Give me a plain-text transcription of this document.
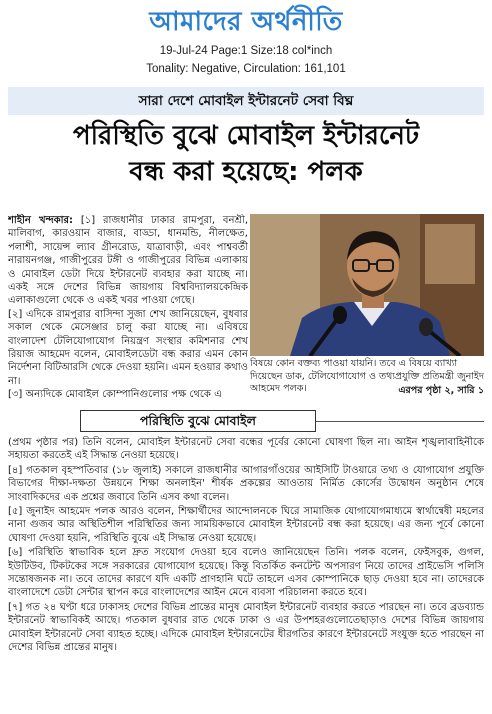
আমাদের অর্থনীতি
19-Jul-24 Page:1 Size:18 col*inch
Tonality: Negative, Circulation: 161,101
সারা দেশে মোবাইল ইন্টারনেট সেবা বিঘ্ন
পরিস্থিতি বুঝে মোবাইল ইন্টারনেট
বন্ধ করা হয়েছে: পলক

শাহীন খন্দকার: [১] রাজধানীর ঢাকার রামপুরা, বনশ্রী, মালিবাগ, কারওয়ান বাজার, বাড্ডা, ধানমন্ডি, নীলক্ষেত, পলাশী, সায়েন্স ল্যাব গ্রীনরোড, যাত্রাবাড়ী, এবং পাশ্ববর্তী নারায়নগঞ্জ, গাজীপুরের টঙ্গী ও গাজীপুরের বিভিন্ন এলাকায় ও মোবাইল ডেটা দিয়ে ইন্টারনেট ব্যবহার করা যাচ্ছে না। একই সঙ্গে দেশের বিভিন্ন জায়গায় বিশ্ববিদ্যালয়কেন্দ্রিক এলাকাগুলো থেকে ও একই খবর পাওয়া গেছে।

[২] এদিকে রামপুরার বাসিন্দা সুজা শেখ জানিয়েছেন, বুধবার সকাল থেকে মেসেঞ্জার চালু করা যাচ্ছে না। এবিষয়ে বাংলাদেশ টেলিযোগাযোগ নিয়ন্ত্রণ সংস্থার কমিশনার শেখ রিয়াজ আহমেদ বলেন, মোবাইলডেটা বন্ধ করার এমন কোন নির্দেশনা বিটিআরসি থেকে দেওয়া হয়নি। এমন হওয়ার কথাও না।

[৩] অন্যদিকে মোবাইল কোম্পানিগুলোর পক্ষ থেকে এ

বিষয়ে কোন বক্তব্য পাওয়া যায়নি। তবে এ বিষয়ে ব্যাখ্যা দিয়েছেন ডাক, টেলিযোগাযোগ ও তথ্যপ্রযুক্তি প্রতিমন্ত্রী জুনাইদ আহমেদ পলক।	এরপর পৃষ্ঠা ২, সারি ১
পরিস্থিতি বুঝে মোবাইল

(প্রথম পৃষ্ঠার পর) তিনি বলেন, মোবাইল ইন্টারনেট সেবা বন্ধের পূর্বের কোনো ঘোষণা ছিল না। আইন শৃঙ্খলাবাহিনীকে সহায়তা করতেই এই সিদ্ধান্ত নেওয়া হয়েছে।

[৪] গতকাল বৃহস্পতিবার (১৮ জুলাই) সকালে রাজধানীর আগারগাঁওয়ের আইসিটি টাওয়ারে তথ্য ও যোগাযোগ প্রযুক্তি বিভাগের দীক্ষা-দক্ষতা উন্নয়নে শিক্ষা অনলাইন' শীর্ষক প্রকল্পের আওতায় নির্মিত কোর্সের উদ্বোধন অনুষ্ঠান শেষে সাংবাদিকদের এক প্রশ্নের জবাবে তিনি এসব কথা বলেন।

[৫] জুনাইদ আহমেদ পলক আরও বলেন, শিক্ষার্থীদের আন্দোলনকে ঘিরে সামাজিক যোগাযোগমাধ্যমে স্বার্থান্বেষী মহলের নানা গুজব আর অস্থিতিশীল পরিস্থিতির জন্য সাময়িকভাবে মোবাইল ইন্টারনেট বন্ধ করা হয়েছে। এর জন্য পূর্বে কোনো ঘোষণা দেওয়া হয়নি, পরিস্থিতি বুঝে এই সিদ্ধান্ত নেওয়া হয়েছে।

[৬] পরিস্থিতি স্বাভাবিক হলে দ্রুত সংযোগ দেওয়া হবে বলেও জানিয়েছেন তিনি। পলক বলেন, ফেইসবুক, গুগল, ইউটিউব, টিকটকের সঙ্গে সরকারের যোগাযোগ হয়েছে। কিন্তু বিতর্কিত কনটেন্ট অপসারণ নিয়ে তাদের প্রাইভেসি পলিসি সন্তোষজনক না। তবে তাদের কারণে যদি একটি প্রাণহানি ঘটে তাহলে এসব কোম্পানিকে ছাড় দেওয়া হবে না। তাদেরকে বাংলাদেশে ডেটা সেন্টার স্থাপন করে বাংলাদেশের আইন মেনে ব্যবসা পরিচালনা করতে হবে।

[৭] গত ২৪ ঘণ্টা ধরে ঢাকাসহ দেশের বিভিন্ন প্রান্তের মানুষ মোবাইল ইন্টারনেট ব্যবহার করতে পারছেন না। তবে ব্রডব্যান্ড ইন্টারনেট স্বাভাবিকই আছে। গতকাল বুধবার রাত থেকে ঢাকা ও এর উপশহরগুলোতেছাড়াও দেশের বিভিন্ন জায়গায় মোবাইল ইন্টারনেট সেবা ব্যাহত হচ্ছে। এদিকে মোবাইল ইন্টারনেটের ধীরগতির কারণে ইন্টারনেটে সংযুক্ত হতে পারছেন না দেশের বিভিন্ন প্রান্তের মানুষ।
